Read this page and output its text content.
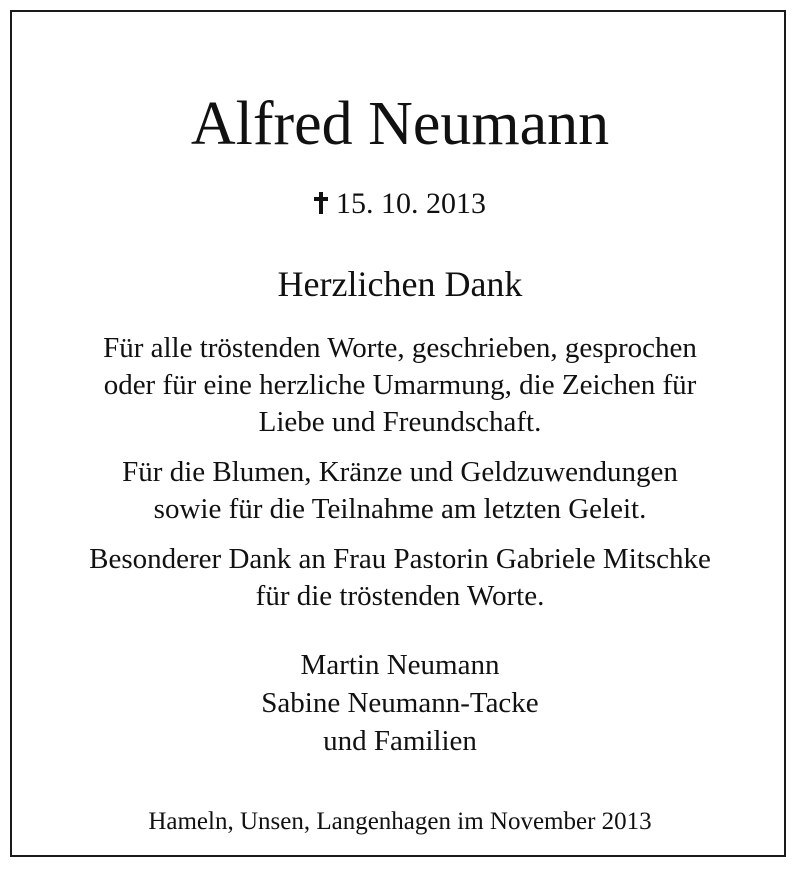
Alfred Neumann
15. 10. 2013
Herzlichen Dank
Für alle tröstenden Worte, geschrieben, gesprochen
oder für eine herzliche Umarmung, die Zeichen für
Liebe und Freundschaft.
Für die Blumen, Kränze und Geldzuwendungen
sowie für die Teilnahme am letzten Geleit.
Besonderer Dank an Frau Pastorin Gabriele Mitschke
für die tröstenden Worte.
Martin Neumann
Sabine Neumann-Tacke
und Familien
Hameln, Unsen, Langenhagen im November 2013
